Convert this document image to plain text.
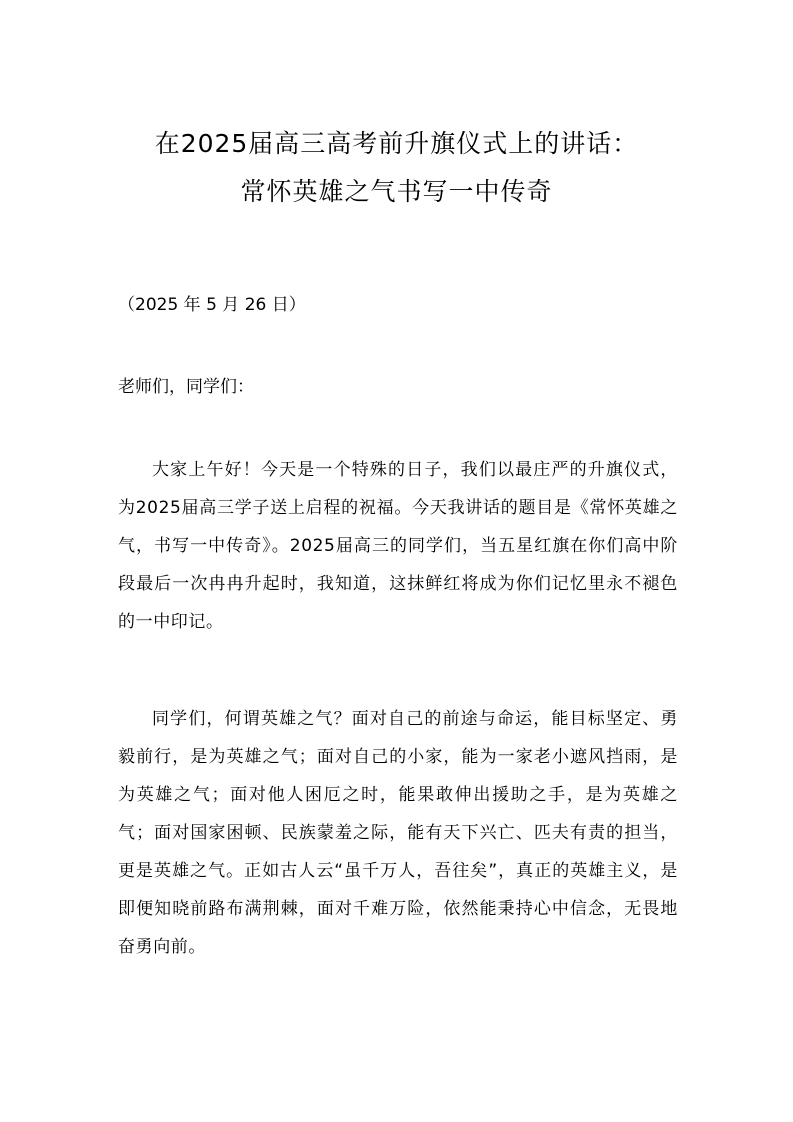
在2025届高三高考前升旗仪式上的讲话：
常怀英雄之气书写一中传奇
（2025 年 5 月 26 日）
老师们，同学们：

大家上午好！今天是一个特殊的日子，我们以最庄严的升旗仪式，为2025届高三学子送上启程的祝福。今天我讲话的题目是《常怀英雄之气，书写一中传奇》。2025届高三的同学们，当五星红旗在你们高中阶段最后一次冉冉升起时，我知道，这抹鲜红将成为你们记忆里永不褪色的一中印记。

同学们，何谓英雄之气？面对自己的前途与命运，能目标坚定、勇毅前行，是为英雄之气；面对自己的小家，能为一家老小遮风挡雨，是为英雄之气；面对他人困厄之时，能果敢伸出援助之手，是为英雄之气；面对国家困顿、民族蒙羞之际，能有天下兴亡、匹夫有责的担当，更是英雄之气。正如古人云“虽千万人，吾往矣”，真正的英雄主义，是即便知晓前路布满荆棘，面对千难万险，依然能秉持心中信念，无畏地奋勇向前。
